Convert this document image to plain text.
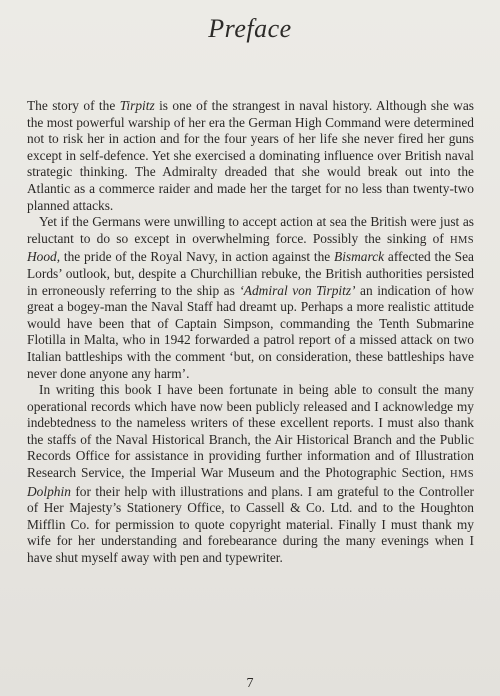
Preface

The story of the Tirpitz is one of the strangest in naval history. Although she was the most powerful warship of her era the German High Command were determined not to risk her in action and for the four years of her life she never fired her guns except in self-defence. Yet she exercised a dominating influence over British naval strategic thinking. The Admiralty dreaded that she would break out into the Atlantic as a commerce raider and made her the target for no less than twenty-two planned attacks.

Yet if the Germans were unwilling to accept action at sea the British were just as reluctant to do so except in overwhelming force. Possibly the sinking of HMS Hood, the pride of the Royal Navy, in action against the Bismarck affected the Sea Lords’ outlook, but, despite a Churchillian rebuke, the British authorities persisted in erroneously referring to the ship as ‘Admiral von Tirpitz’ an indication of how great a bogey-man the Naval Staff had dreamt up. Perhaps a more realistic attitude would have been that of Captain Simpson, commanding the Tenth Submarine Flotilla in Malta, who in 1942 forwarded a patrol report of a missed attack on two Italian battleships with the comment ‘but, on consideration, these battleships have never done anyone any harm’.

In writing this book I have been fortunate in being able to consult the many operational records which have now been publicly released and I acknowledge my indebtedness to the nameless writers of these excellent reports. I must also thank the staffs of the Naval Historical Branch, the Air Historical Branch and the Public Records Office for assistance in providing further information and of Illustration Research Service, the Imperial War Museum and the Photographic Section, HMS Dolphin for their help with illustrations and plans. I am grateful to the Controller of Her Majesty’s Stationery Office, to Cassell & Co. Ltd. and to the Houghton Mifflin Co. for permission to quote copyright material. Finally I must thank my wife for her understanding and forebearance during the many evenings when I have shut myself away with pen and typewriter.

7
